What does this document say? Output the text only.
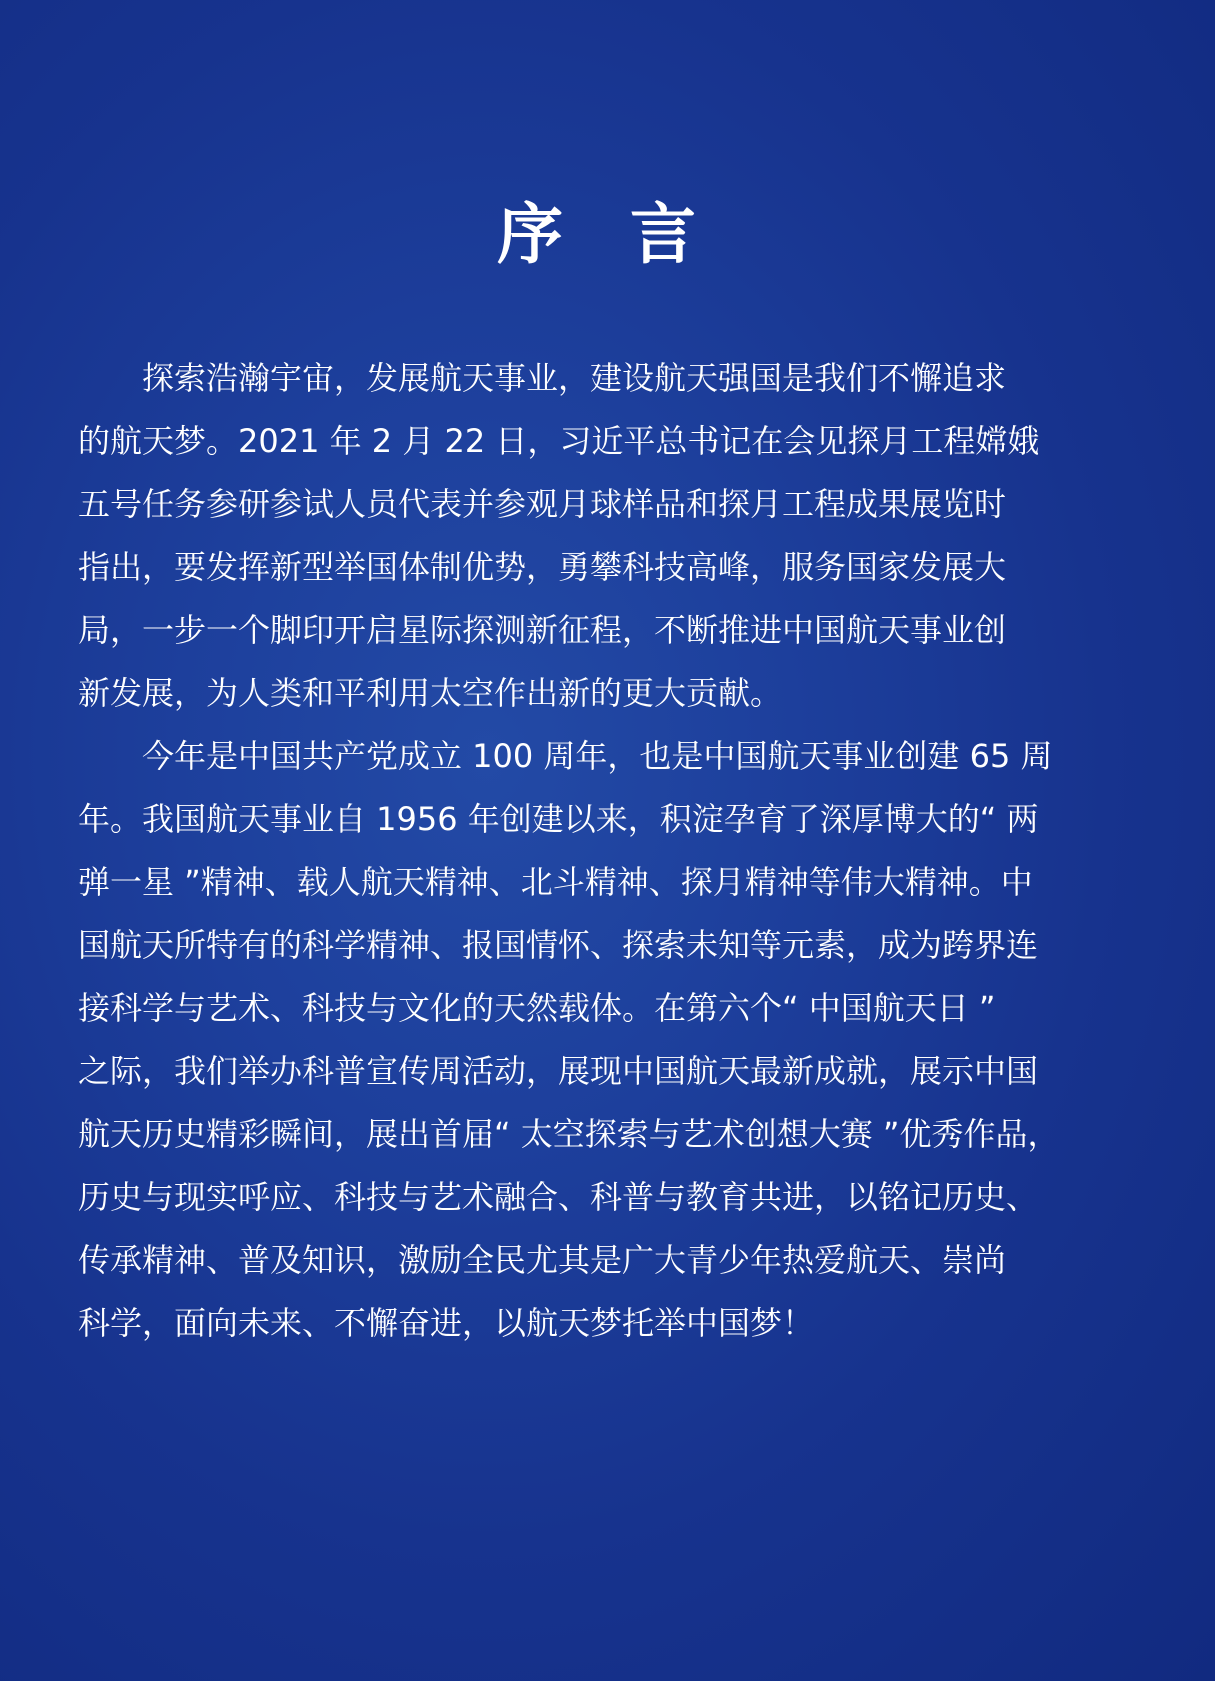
序 言
探索浩瀚宇宙，发展航天事业，建设航天强国是我们不懈追求
的航天梦。2021 年 2 月 22 日，习近平总书记在会见探月工程嫦娥
五号任务参研参试人员代表并参观月球样品和探月工程成果展览时
指出，要发挥新型举国体制优势，勇攀科技高峰，服务国家发展大
局，一步一个脚印开启星际探测新征程，不断推进中国航天事业创
新发展，为人类和平利用太空作出新的更大贡献。
今年是中国共产党成立 100 周年，也是中国航天事业创建 65 周
年。我国航天事业自 1956 年创建以来，积淀孕育了深厚博大的“ 两
弹一星 ”精神、载人航天精神、北斗精神、探月精神等伟大精神。中
国航天所特有的科学精神、报国情怀、探索未知等元素，成为跨界连
接科学与艺术、科技与文化的天然载体。在第六个“ 中国航天日 ”
之际，我们举办科普宣传周活动，展现中国航天最新成就，展示中国
航天历史精彩瞬间，展出首届“ 太空探索与艺术创想大赛 ”优秀作品，
历史与现实呼应、科技与艺术融合、科普与教育共进，以铭记历史、
传承精神、普及知识，激励全民尤其是广大青少年热爱航天、崇尚
科学，面向未来、不懈奋进，以航天梦托举中国梦！
